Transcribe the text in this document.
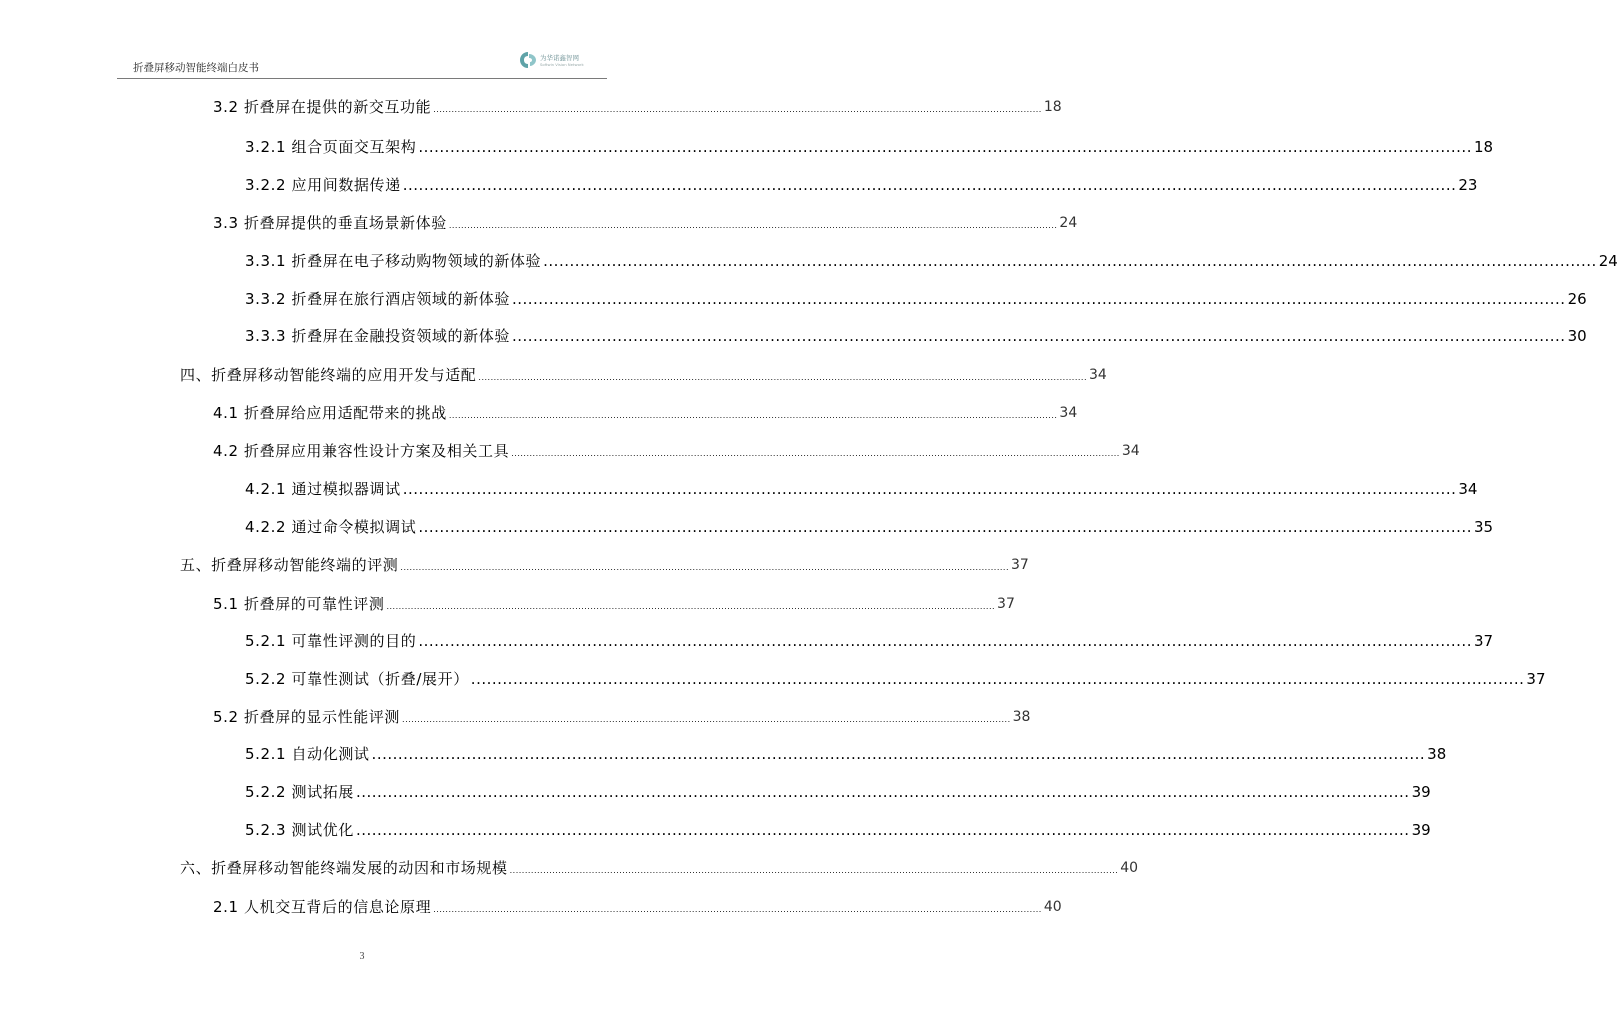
折叠屏移动智能终端白皮书
为华诺鑫智网
Softwin Vision Network
3.2 折叠屏在提供的新交互功能 ........................................................................................................................................................................................................ 18
3.2.1 组合页面交互架构 ........................................................................................................................................................................................................ 18
3.2.2 应用间数据传递 ........................................................................................................................................................................................................ 23
3.3 折叠屏提供的垂直场景新体验 ........................................................................................................................................................................................................ 24
3.3.1 折叠屏在电子移动购物领域的新体验 ........................................................................................................................................................................................................ 24
3.3.2 折叠屏在旅行酒店领域的新体验 ........................................................................................................................................................................................................ 26
3.3.3 折叠屏在金融投资领域的新体验 ........................................................................................................................................................................................................ 30
四、折叠屏移动智能终端的应用开发与适配 ........................................................................................................................................................................................................ 34
4.1 折叠屏给应用适配带来的挑战 ........................................................................................................................................................................................................ 34
4.2 折叠屏应用兼容性设计方案及相关工具 ........................................................................................................................................................................................................ 34
4.2.1 通过模拟器调试 ........................................................................................................................................................................................................ 34
4.2.2 通过命令模拟调试 ........................................................................................................................................................................................................ 35
五、折叠屏移动智能终端的评测 ........................................................................................................................................................................................................ 37
5.1 折叠屏的可靠性评测 ........................................................................................................................................................................................................ 37
5.2.1 可靠性评测的目的 ........................................................................................................................................................................................................ 37
5.2.2 可靠性测试（折叠/展开） ........................................................................................................................................................................................................ 37
5.2 折叠屏的显示性能评测 ........................................................................................................................................................................................................ 38
5.2.1 自动化测试 ........................................................................................................................................................................................................ 38
5.2.2 测试拓展 ........................................................................................................................................................................................................ 39
5.2.3 测试优化 ........................................................................................................................................................................................................ 39
六、折叠屏移动智能终端发展的动因和市场规模 ........................................................................................................................................................................................................ 40
2.1 人机交互背后的信息论原理 ........................................................................................................................................................................................................ 40
3
